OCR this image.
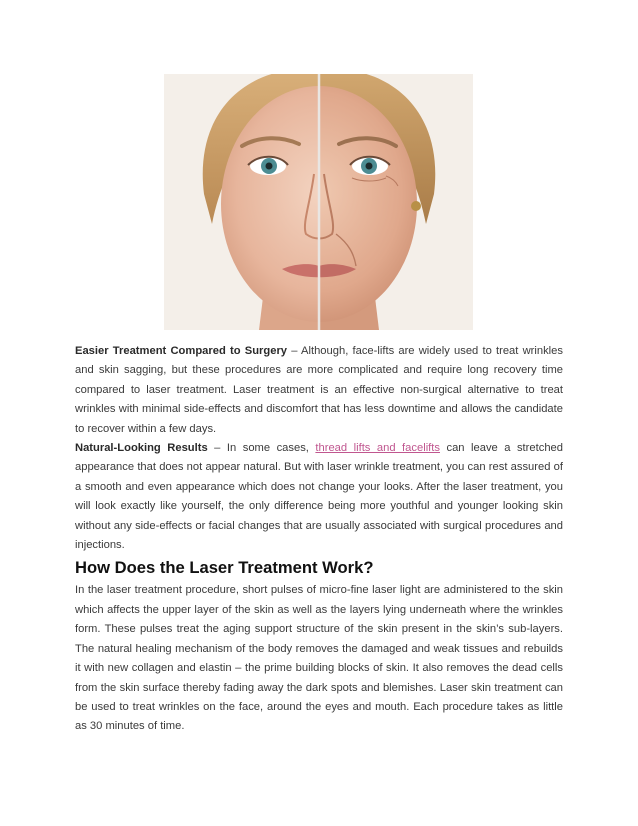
Easier Treatment Compared to Surgery – Although, face-lifts are widely used to treat wrinkles and skin sagging, but these procedures are more complicated and require long recovery time compared to laser treatment. Laser treatment is an effective non-surgical alternative to treat wrinkles with minimal side-effects and discomfort that has less downtime and allows the candidate to recover within a few days.

Natural-Looking Results – In some cases, thread lifts and facelifts can leave a stretched appearance that does not appear natural. But with laser wrinkle treatment, you can rest assured of a smooth and even appearance which does not change your looks. After the laser treatment, you will look exactly like yourself, the only difference being more youthful and younger looking skin without any side-effects or facial changes that are usually associated with surgical procedures and injections.

How Does the Laser Treatment Work?

In the laser treatment procedure, short pulses of micro-fine laser light are administered to the skin which affects the upper layer of the skin as well as the layers lying underneath where the wrinkles form. These pulses treat the aging support structure of the skin present in the skin’s sub-layers. The natural healing mechanism of the body removes the damaged and weak tissues and rebuilds it with new collagen and elastin – the prime building blocks of skin. It also removes the dead cells from the skin surface thereby fading away the dark spots and blemishes. Laser skin treatment can be used to treat wrinkles on the face, around the eyes and mouth. Each procedure takes as little as 30 minutes of time.
